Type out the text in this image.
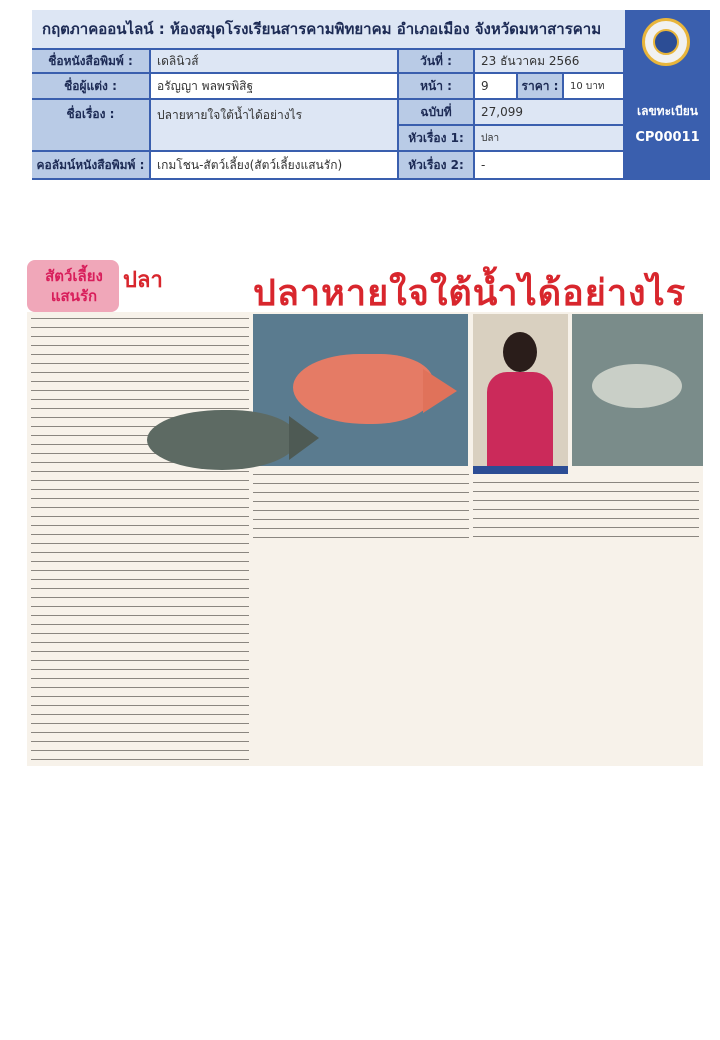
กฤตภาคออนไลน์ : ห้องสมุดโรงเรียนสารคามพิทยาคม อำเภอเมือง จังหวัดมหาสารคาม
ชื่อหนังสือพิมพ์ :	เดลินิวส์	วันที่ :	23 ธันวาคม 2566
ชื่อผู้แต่ง :	อรัญญา พลพรพิสิฐ	หน้า :	9	ราคา :	10 บาท
ชื่อเรื่อง :	ปลายหายใจใต้น้ำได้อย่างไร	ฉบับที่	27,099
หัวเรื่อง 1:	ปลา
คอลัมน์หนังสือพิมพ์ :	เกมโชน-สัตว์เลี้ยง(สัตว์เลี้ยงแสนรัก)	หัวเรื่อง 2:	-
เลขทะเบียน
CP00011
สัตว์เลี้ยง
แสนรัก
ปลา	ปลาหายใจใต้น้ำได้อย่างไร
